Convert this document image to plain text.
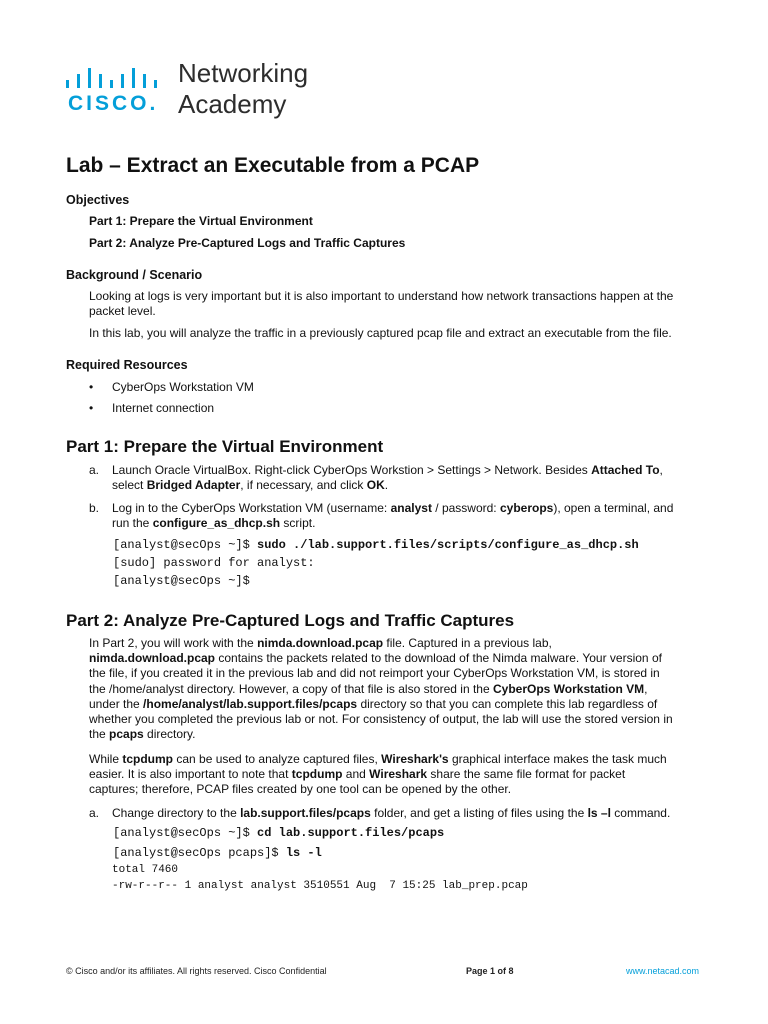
CISCO.
Networking
Academy
Lab – Extract an Executable from a PCAP
Objectives

Part 1: Prepare the Virtual Environment

Part 2: Analyze Pre-Captured Logs and Traffic Captures

Background / Scenario

Looking at logs is very important but it is also important to understand how network transactions happen at the packet level.

In this lab, you will analyze the traffic in a previously captured pcap file and extract an executable from the file.

Required Resources
• CyberOps Workstation VM
• Internet connection
Part 1: Prepare the Virtual Environment
a. Launch Oracle VirtualBox. Right-click CyberOps Workstion > Settings > Network. Besides Attached To,
select Bridged Adapter, if necessary, and click OK.

b. Log in to the CyberOps Workstation VM (username: analyst / password: cyberops), open a terminal, and
run the configure_as_dhcp.sh script.

[analyst@secOps ~]$ sudo ./lab.support.files/scripts/configure_as_dhcp.sh
[sudo] password for analyst:
[analyst@secOps ~]$
Part 2: Analyze Pre-Captured Logs and Traffic Captures

In Part 2, you will work with the nimda.download.pcap file. Captured in a previous lab,
nimda.download.pcap contains the packets related to the download of the Nimda malware. Your version of
the file, if you created it in the previous lab and did not reimport your CyberOps Workstation VM, is stored in
the /home/analyst directory. However, a copy of that file is also stored in the CyberOps Workstation VM,
under the /home/analyst/lab.support.files/pcaps directory so that you can complete this lab regardless of
whether you completed the previous lab or not. For consistency of output, the lab will use the stored version in
the pcaps directory.

While tcpdump can be used to analyze captured files, Wireshark's graphical interface makes the task much
easier. It is also important to note that tcpdump and Wireshark share the same file format for packet
captures; therefore, PCAP files created by one tool can be opened by the other.

a. Change directory to the lab.support.files/pcaps folder, and get a listing of files using the ls –l command.

[analyst@secOps ~]$ cd lab.support.files/pcaps
[analyst@secOps pcaps]$ ls -l
total 7460
-rw-r--r-- 1 analyst analyst 3510551 Aug  7 15:25 lab_prep.pcap
© Cisco and/or its affiliates. All rights reserved. Cisco Confidential	Page 1 of 8	www.netacad.com
